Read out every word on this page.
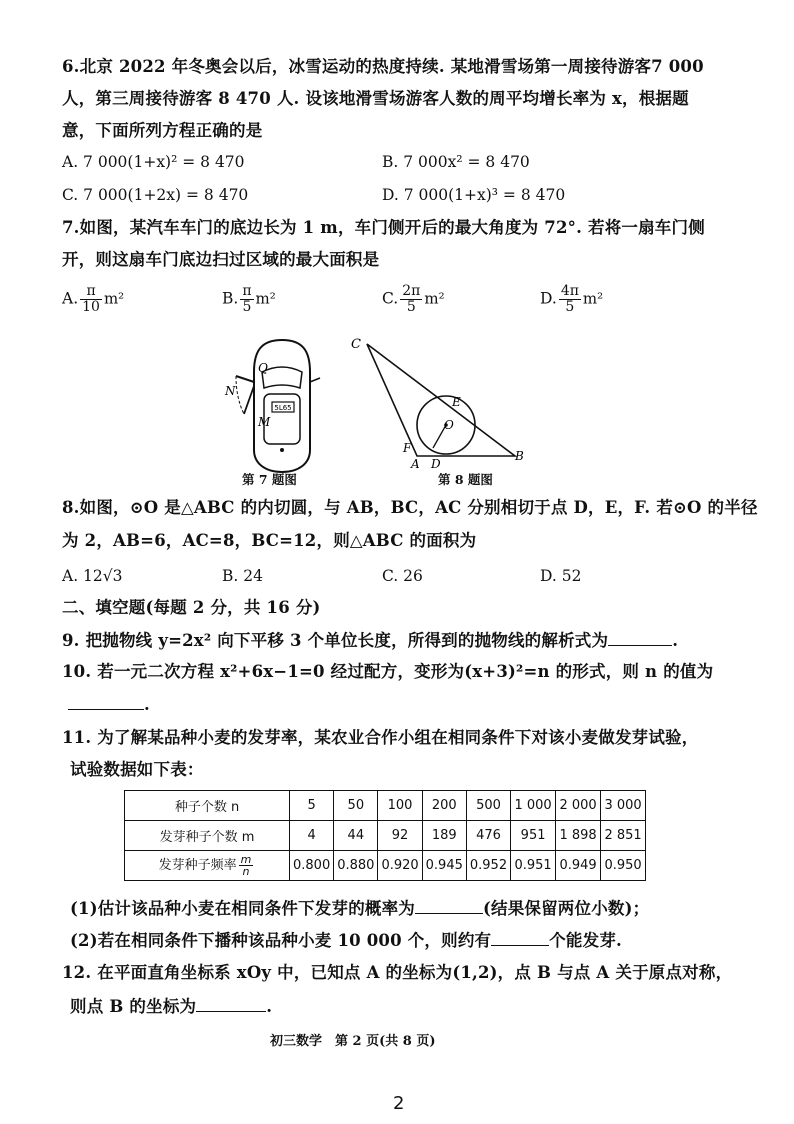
6.北京 2022 年冬奥会以后，冰雪运动的热度持续. 某地滑雪场第一周接待游客7 000
人，第三周接待游客 8 470 人. 设该地滑雪场游客人数的周平均增长率为 x，根据题
意，下面所列方程正确的是
A. 7 000(1+x)² = 8 470	B. 7 000x² = 8 470
C. 7 000(1+2x) = 8 470	D. 7 000(1+x)³ = 8 470
7.如图，某汽车车门的底边长为 1 m，车门侧开后的最大角度为 72°. 若将一扇车门侧
开，则这扇车门底边扫过区域的最大面积是
A. $\frac{\pi}{10} m^2$	B. $\frac{\pi}{5} m^2$	C. $\frac{2\pi}{5} m^2$	D. $\frac{4\pi}{5} m^2$
5L65
N
M
Q
第 7 题图
C
E
O
F
A D
B
第 8 题图
8.如图，⊙O 是△ABC 的内切圆，与 AB，BC，AC 分别相切于点 D，E，F. 若⊙O 的半径
为 2，AB=6，AC=8，BC=12，则△ABC 的面积为
A. 12√3	B. 24	C. 26	D. 52
二、填空题(每题 2 分，共 16 分)
9. 把抛物线 y=2x² 向下平移 3 个单位长度，所得到的抛物线的解析式为	.
10. 若一元二次方程 x²+6x−1=0 经过配方，变形为(x+3)²=n 的形式，则 n 的值为
.
11. 为了解某品种小麦的发芽率，某农业合作小组在相同条件下对该小麦做发芽试验，
试验数据如下表：
种子个数 n	5	50	100	200	500	1 000	2 000	3 000
发芽种子个数 m	4	44	92	189	476	951	1 898	2 851
发芽种子频率 $\frac{m}{n}$	0.800	0.880	0.920	0.945	0.952	0.951	0.949	0.950
(1)估计该品种小麦在相同条件下发芽的概率为	(结果保留两位小数)；
(2)若在相同条件下播种该品种小麦 10 000 个，则约有	个能发芽.
12. 在平面直角坐标系 xOy 中，已知点 A 的坐标为(1,2)，点 B 与点 A 关于原点对称，
则点 B 的坐标为	.
初三数学　第 2 页(共 8 页)
2
